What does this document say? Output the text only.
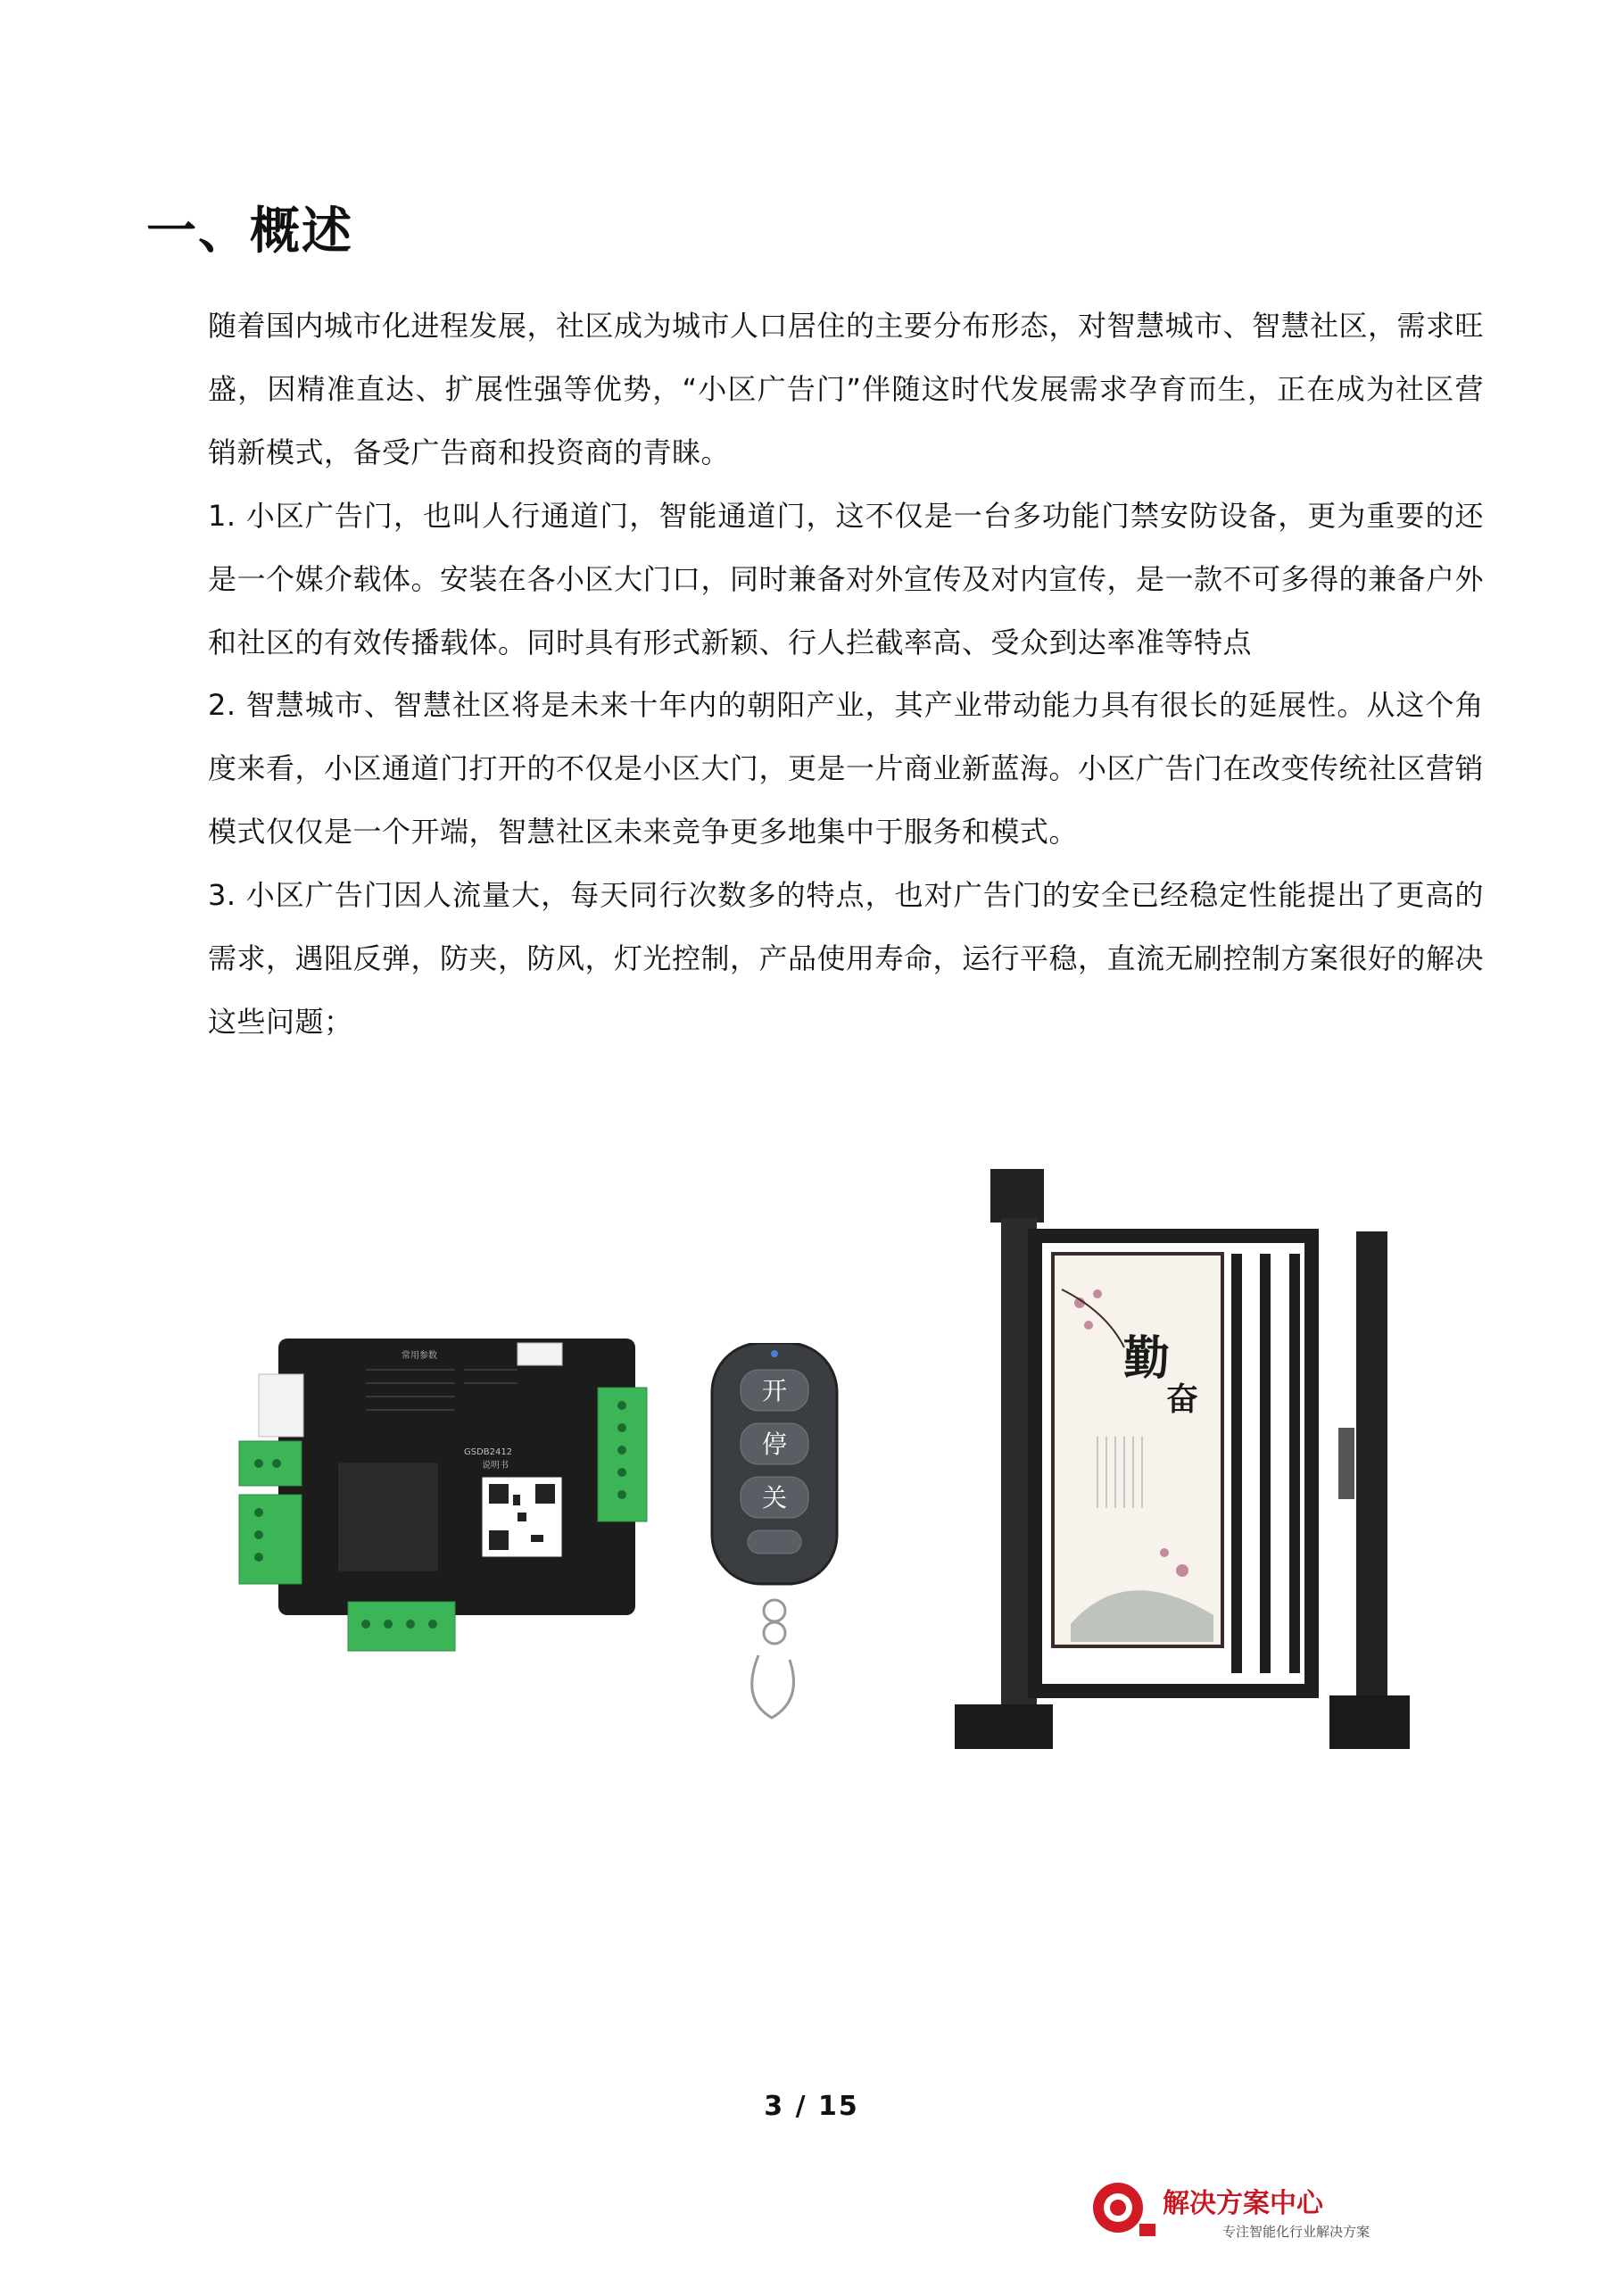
一、概述

随着国内城市化进程发展，社区成为城市人口居住的主要分布形态，对智慧城市、智慧社区，需求旺盛，因精准直达、扩展性强等优势，“小区广告门”伴随这时代发展需求孕育而生，正在成为社区营销新模式，备受广告商和投资商的青睐。

1. 小区广告门，也叫人行通道门，智能通道门，这不仅是一台多功能门禁安防设备，更为重要的还是一个媒介载体。安装在各小区大门口，同时兼备对外宣传及对内宣传，是一款不可多得的兼备户外和社区的有效传播载体。同时具有形式新颖、行人拦截率高、受众到达率准等特点

2. 智慧城市、智慧社区将是未来十年内的朝阳产业，其产业带动能力具有很长的延展性。从这个角度来看，小区通道门打开的不仅是小区大门，更是一片商业新蓝海。小区广告门在改变传统社区营销模式仅仅是一个开端，智慧社区未来竞争更多地集中于服务和模式。

3. 小区广告门因人流量大，每天同行次数多的特点，也对广告门的安全已经稳定性能提出了更高的需求，遇阻反弹，防夹，防风，灯光控制，产品使用寿命，运行平稳，直流无刷控制方案很好的解决这些问题；

常用参数
GSDB2412
说明书
开
停
关
勤
奋
3 / 15
解决方案中心
专注智能化行业解决方案
